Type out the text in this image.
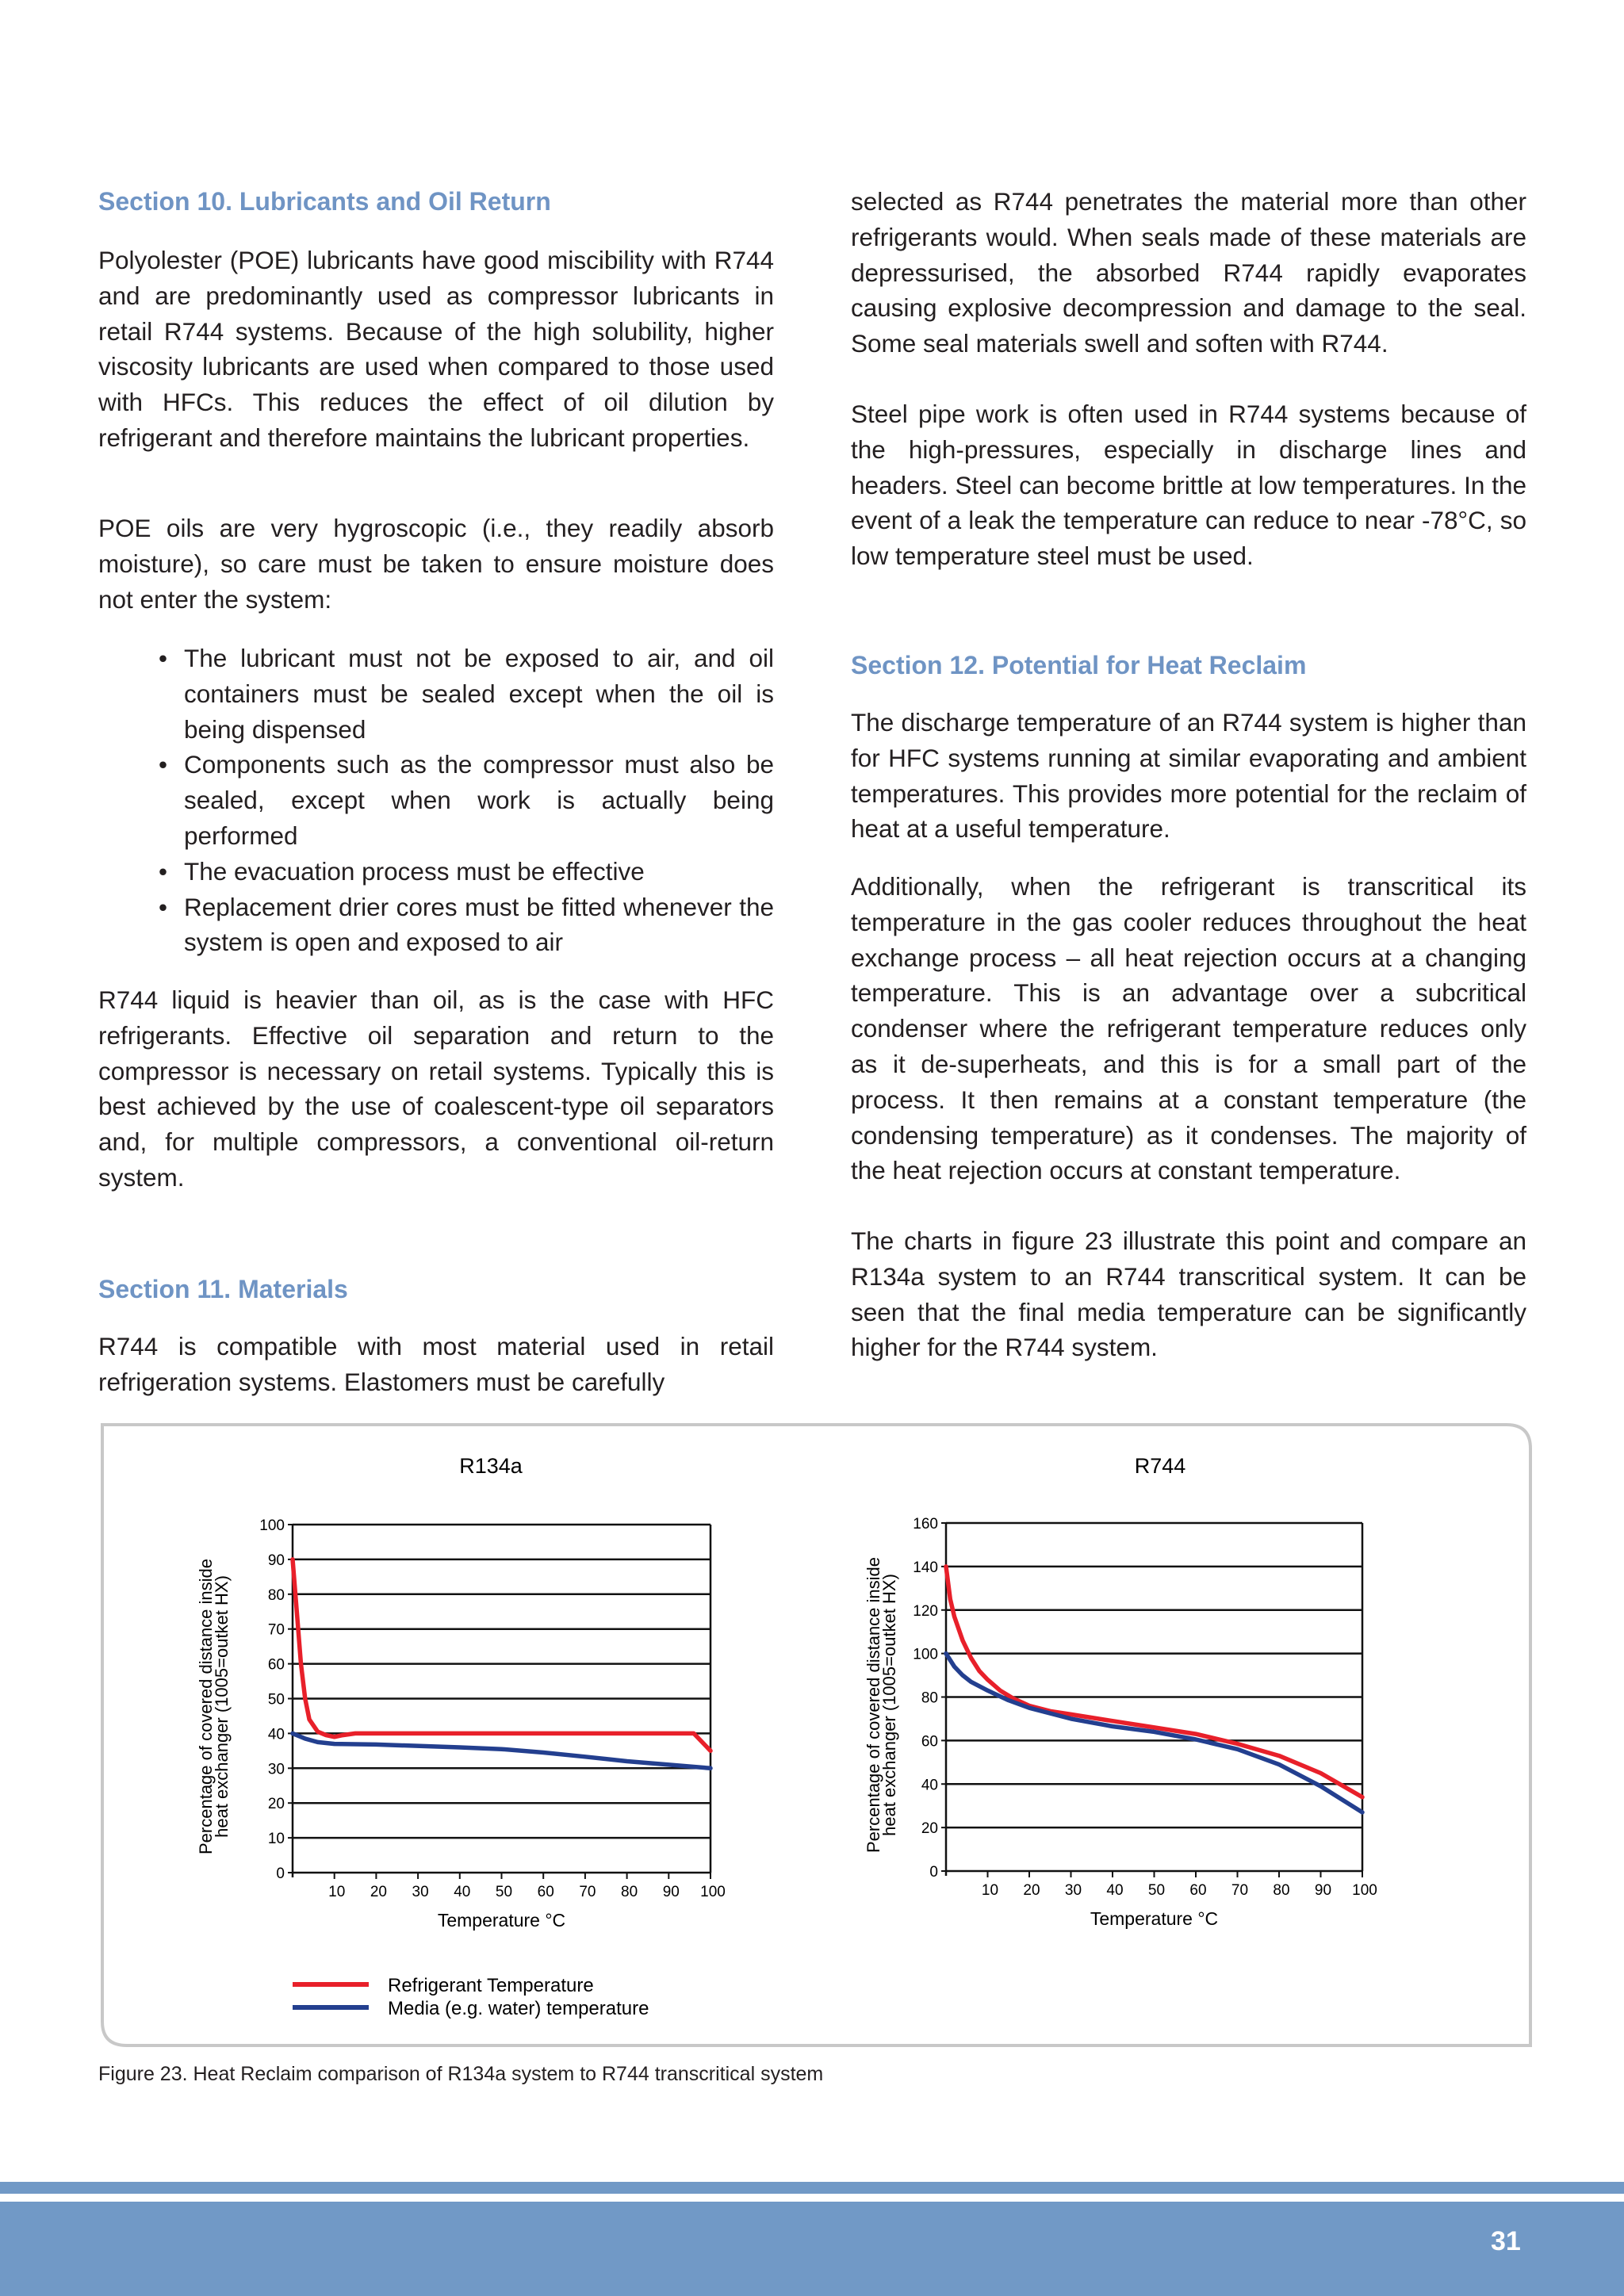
Section 10. Lubricants and Oil Return

Polyolester (POE) lubricants have good miscibility with R744 and are predominantly used as compressor lubricants in retail R744 systems. Because of the high solubility, higher viscosity lubricants are used when compared to those used with HFCs. This reduces the effect of oil dilution by refrigerant and therefore maintains the lubricant properties.

POE oils are very hygroscopic (i.e., they readily absorb moisture), so care must be taken to ensure moisture does not enter the system:

• The lubricant must not be exposed to air, and oil containers must be sealed except when the oil is being dispensed
• Components such as the compressor must also be sealed, except when work is actually being performed
• The evacuation process must be effective
• Replacement drier cores must be fitted whenever the system is open and exposed to air

R744 liquid is heavier than oil, as is the case with HFC refrigerants. Effective oil separation and return to the compressor is necessary on retail systems. Typically this is best achieved by the use of coalescent-type oil separators and, for multiple compressors, a conventional oil-return system.

Section 11. Materials

R744 is compatible with most material used in retail refrigeration systems. Elastomers must be carefully

selected as R744 penetrates the material more than other refrigerants would. When seals made of these materials are depressurised, the absorbed R744 rapidly evaporates causing explosive decompression and damage to the seal. Some seal materials swell and soften with R744.

Steel pipe work is often used in R744 systems because of the high-pressures, especially in discharge lines and headers. Steel can become brittle at low temperatures. In the event of a leak the temperature can reduce to near -78°C, so low temperature steel must be used.

Section 12. Potential for Heat Reclaim

The discharge temperature of an R744 system is higher than for HFC systems running at similar evaporating and ambient temperatures. This provides more potential for the reclaim of heat at a useful temperature.

Additionally, when the refrigerant is transcritical its temperature in the gas cooler reduces throughout the heat exchange process – all heat rejection occurs at a changing temperature. This is an advantage over a subcritical condenser where the refrigerant temperature reduces only as it de-superheats, and this is for a small part of the process. It then remains at a constant temperature (the condensing temperature) as it condenses. The majority of the heat rejection occurs at constant temperature.

The charts in figure 23 illustrate this point and compare an R134a system to an R744 transcritical system. It can be seen that the final media temperature can be significantly higher for the R744 system.

R134a
0
10
20
30
40
50
60
70
80
90
100
10 20 30 40 50 60 70 80 90 100
Temperature °C
Percentage of covered distance inside
heat exchanger (1005=outket HX)
R744
0
20
40
60
80
100
120
140
160
10 20 30 40 50 60 70 80 90 100
Temperature °C
Percentage of covered distance inside
heat exchanger (1005=outket HX)
Refrigerant Temperature
Media (e.g. water) temperature
Figure 23. Heat Reclaim comparison of R134a system to R744 transcritical system
31
